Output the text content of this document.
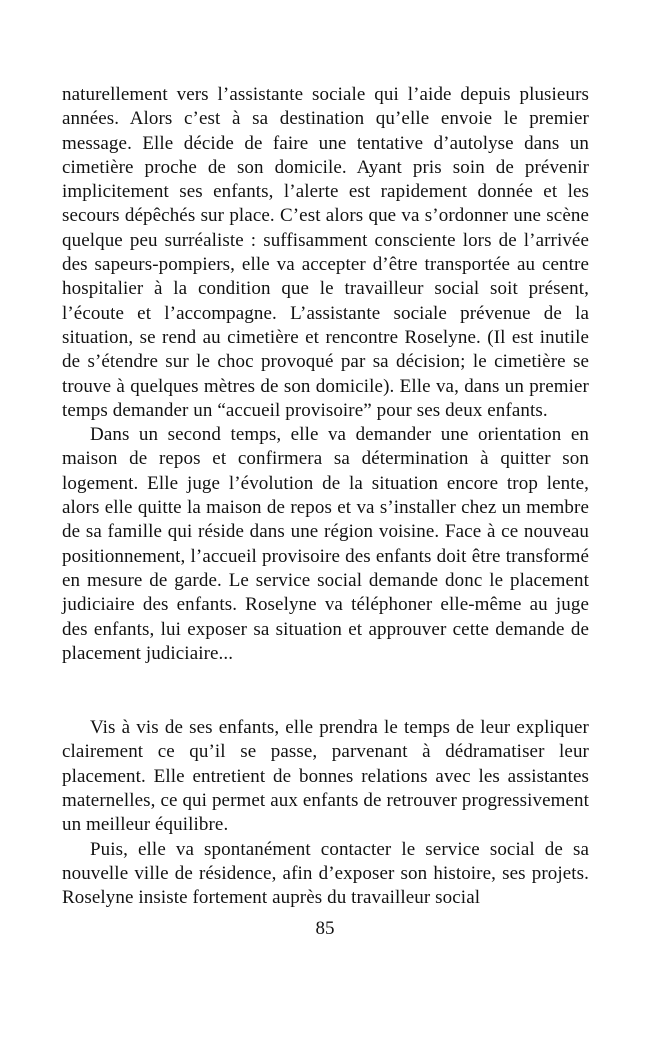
naturellement vers l’assistante sociale qui l’aide depuis plusieurs années. Alors c’est à sa destination qu’elle envoie le premier message. Elle décide de faire une tentative d’autolyse dans un cimetière proche de son domicile. Ayant pris soin de prévenir implicitement ses enfants, l’alerte est rapidement donnée et les secours dépêchés sur place. C’est alors que va s’ordonner une scène quelque peu surréaliste : suffisamment consciente lors de l’arrivée des sapeurs-pompiers, elle va accepter d’être transportée au centre hospitalier à la condition que le travailleur social soit présent, l’écoute et l’accompagne. L’assistante sociale prévenue de la situation, se rend au cimetière et rencontre Roselyne. (Il est inutile de s’étendre sur le choc provoqué par sa décision; le cimetière se trouve à quelques mètres de son domicile). Elle va, dans un premier temps demander un “accueil provisoire” pour ses deux enfants.

Dans un second temps, elle va demander une orientation en maison de repos et confirmera sa détermination à quitter son logement. Elle juge l’évolution de la situation encore trop lente, alors elle quitte la maison de repos et va s’installer chez un membre de sa famille qui réside dans une région voisine. Face à ce nouveau positionnement, l’accueil provisoire des enfants doit être transformé en mesure de garde. Le service social demande donc le placement judiciaire des enfants. Roselyne va téléphoner elle-même au juge des enfants, lui exposer sa situation et approuver cette demande de placement judiciaire...

Vis à vis de ses enfants, elle prendra le temps de leur expliquer clairement ce qu’il se passe, parvenant à dédramatiser leur placement. Elle entretient de bonnes relations avec les assistantes maternelles, ce qui permet aux enfants de retrouver progressivement un meilleur équilibre.

Puis, elle va spontanément contacter le service social de sa nouvelle ville de résidence, afin d’exposer son histoire, ses projets. Roselyne insiste fortement auprès du travailleur social

85
